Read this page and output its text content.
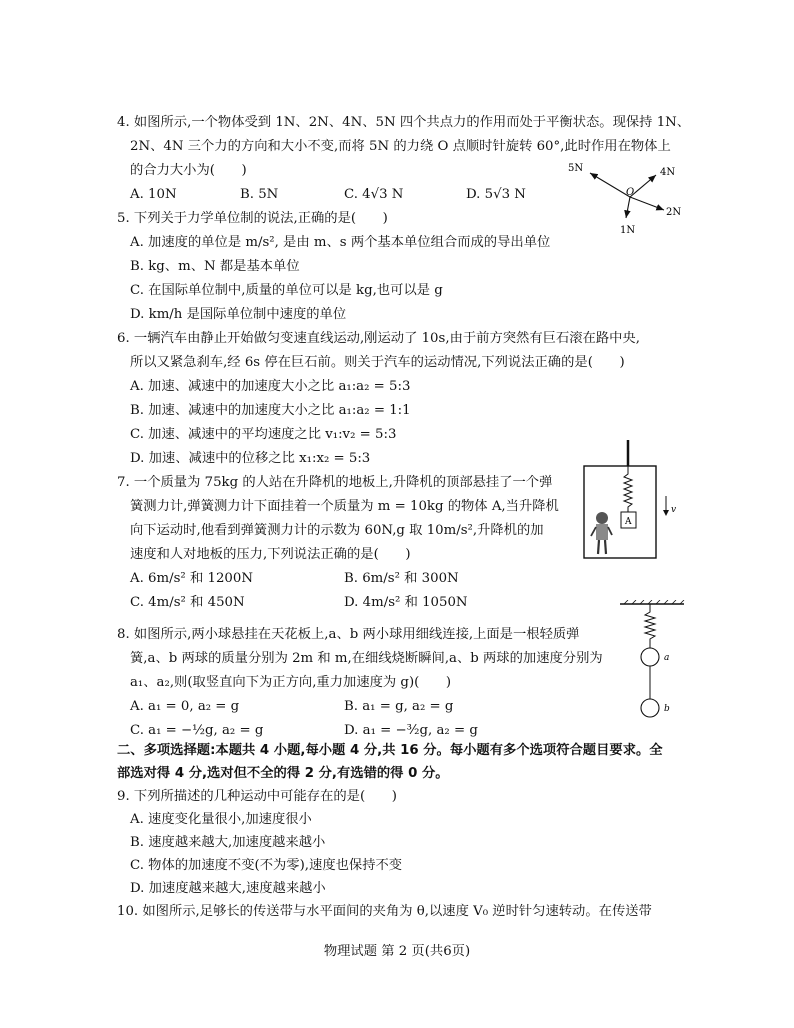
4. 如图所示,一个物体受到 1N、2N、4N、5N 四个共点力的作用而处于平衡状态。现保持 1N、
2N、4N 三个力的方向和大小不变,而将 5N 的力绕 O 点顺时针旋转 60°,此时作用在物体上
的合力大小为(　　)
A. 10N	B. 5N	C. 4√3 N	D. 5√3 N
5N	4N
2N
1N
O
5. 下列关于力学单位制的说法,正确的是(　　)
A. 加速度的单位是 m/s², 是由 m、s 两个基本单位组合而成的导出单位
B. kg、m、N 都是基本单位
C. 在国际单位制中,质量的单位可以是 kg,也可以是 g
D. km/h 是国际单位制中速度的单位
6. 一辆汽车由静止开始做匀变速直线运动,刚运动了 10s,由于前方突然有巨石滚在路中央,
所以又紧急刹车,经 6s 停在巨石前。则关于汽车的运动情况,下列说法正确的是(　　)
A. 加速、减速中的加速度大小之比 a₁:a₂ = 5:3
B. 加速、减速中的加速度大小之比 a₁:a₂ = 1:1
C. 加速、减速中的平均速度之比 v₁:v₂ = 5:3
D. 加速、减速中的位移之比 x₁:x₂ = 5:3
7. 一个质量为 75kg 的人站在升降机的地板上,升降机的顶部悬挂了一个弹
簧测力计,弹簧测力计下面挂着一个质量为 m = 10kg 的物体 A,当升降机
向下运动时,他看到弹簧测力计的示数为 60N,g 取 10m/s²,升降机的加
速度和人对地板的压力,下列说法正确的是(　　)
A. 6m/s² 和 1200N	B. 6m/s² 和 300N
C. 4m/s² 和 450N	D. 4m/s² 和 1050N
A
v
8. 如图所示,两小球悬挂在天花板上,a、b 两小球用细线连接,上面是一根轻质弹
簧,a、b 两球的质量分别为 2m 和 m,在细线烧断瞬间,a、b 两球的加速度分别为
a₁、a₂,则(取竖直向下为正方向,重力加速度为 g)(　　)
A. a₁ = 0, a₂ = g	B. a₁ = g, a₂ = g
C. a₁ = −½g, a₂ = g	D. a₁ = −³⁄₂g, a₂ = g
a
b
二、多项选择题:本题共 4 小题,每小题 4 分,共 16 分。每小题有多个选项符合题目要求。全
部选对得 4 分,选对但不全的得 2 分,有选错的得 0 分。
9. 下列所描述的几种运动中可能存在的是(　　)
A. 速度变化量很小,加速度很小
B. 速度越来越大,加速度越来越小
C. 物体的加速度不变(不为零),速度也保持不变
D. 加速度越来越大,速度越来越小
10. 如图所示,足够长的传送带与水平面间的夹角为 θ,以速度 V₀ 逆时针匀速转动。在传送带
物理试题 第 2 页(共6页)
